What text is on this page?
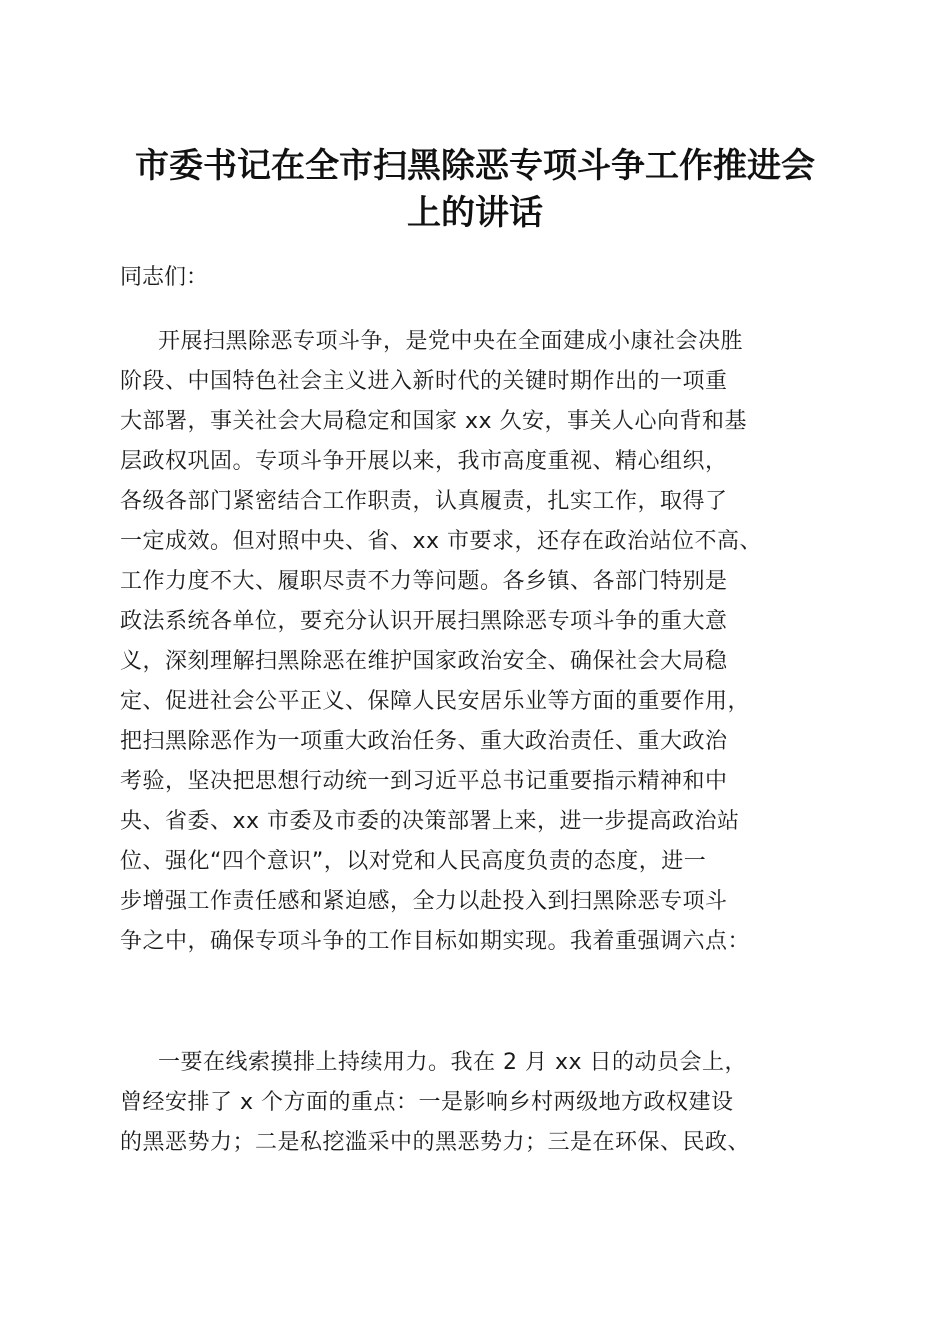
市委书记在全市扫黑除恶专项斗争工作推进会
上的讲话
同志们：
开展扫黑除恶专项斗争，是党中央在全面建成小康社会决胜
阶段、中国特色社会主义进入新时代的关键时期作出的一项重
大部署，事关社会大局稳定和国家 xx 久安，事关人心向背和基
层政权巩固。专项斗争开展以来，我市高度重视、精心组织，
各级各部门紧密结合工作职责，认真履责，扎实工作，取得了
一定成效。但对照中央、省、xx 市要求，还存在政治站位不高、
工作力度不大、履职尽责不力等问题。各乡镇、各部门特别是
政法系统各单位，要充分认识开展扫黑除恶专项斗争的重大意
义，深刻理解扫黑除恶在维护国家政治安全、确保社会大局稳
定、促进社会公平正义、保障人民安居乐业等方面的重要作用，
把扫黑除恶作为一项重大政治任务、重大政治责任、重大政治
考验，坚决把思想行动统一到习近平总书记重要指示精神和中
央、省委、xx 市委及市委的决策部署上来，进一步提高政治站
位、强化“四个意识”，以对党和人民高度负责的态度，进一
步增强工作责任感和紧迫感，全力以赴投入到扫黑除恶专项斗
争之中，确保专项斗争的工作目标如期实现。我着重强调六点：
一要在线索摸排上持续用力。我在 2 月 xx 日的动员会上，
曾经安排了 x 个方面的重点：一是影响乡村两级地方政权建设
的黑恶势力；二是私挖滥采中的黑恶势力；三是在环保、民政、
